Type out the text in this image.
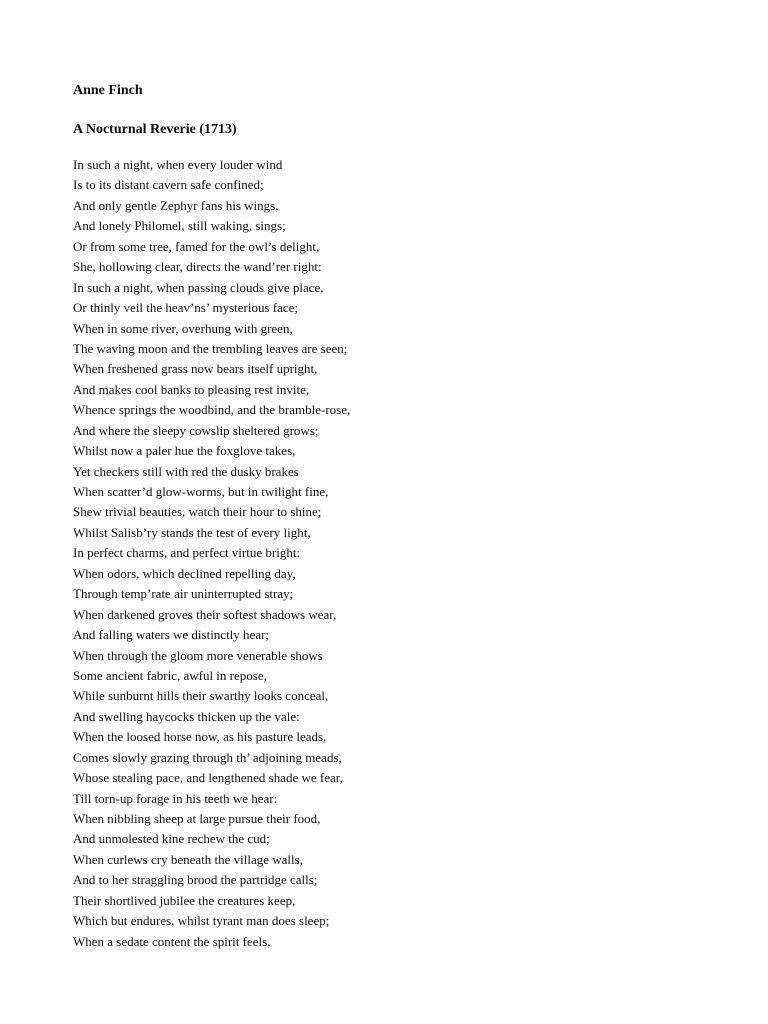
Anne Finch

A Nocturnal Reverie (1713)

In such a night, when every louder wind
Is to its distant cavern safe confined;
And only gentle Zephyr fans his wings,
And lonely Philomel, still waking, sings;
Or from some tree, famed for the owl’s delight,
She, hollowing clear, directs the wand’rer right:
In such a night, when passing clouds give place,
Or thinly veil the heav’ns’ mysterious face;
When in some river, overhung with green,
The waving moon and the trembling leaves are seen;
When freshened grass now bears itself upright,
And makes cool banks to pleasing rest invite,
Whence springs the woodbind, and the bramble-rose,
And where the sleepy cowslip sheltered grows;
Whilst now a paler hue the foxglove takes,
Yet checkers still with red the dusky brakes
When scatter’d glow-worms, but in twilight fine,
Shew trivial beauties, watch their hour to shine;
Whilst Salisb’ry stands the test of every light,
In perfect charms, and perfect virtue bright:
When odors, which declined repelling day,
Through temp’rate air uninterrupted stray;
When darkened groves their softest shadows wear,
And falling waters we distinctly hear;
When through the gloom more venerable shows
Some ancient fabric, awful in repose,
While sunburnt hills their swarthy looks conceal,
And swelling haycocks thicken up the vale:
When the loosed horse now, as his pasture leads,
Comes slowly grazing through th’ adjoining meads,
Whose stealing pace, and lengthened shade we fear,
Till torn-up forage in his teeth we hear:
When nibbling sheep at large pursue their food,
And unmolested kine rechew the cud;
When curlews cry beneath the village walls,
And to her straggling brood the partridge calls;
Their shortlived jubilee the creatures keep,
Which but endures, whilst tyrant man does sleep;
When a sedate content the spirit feels,
